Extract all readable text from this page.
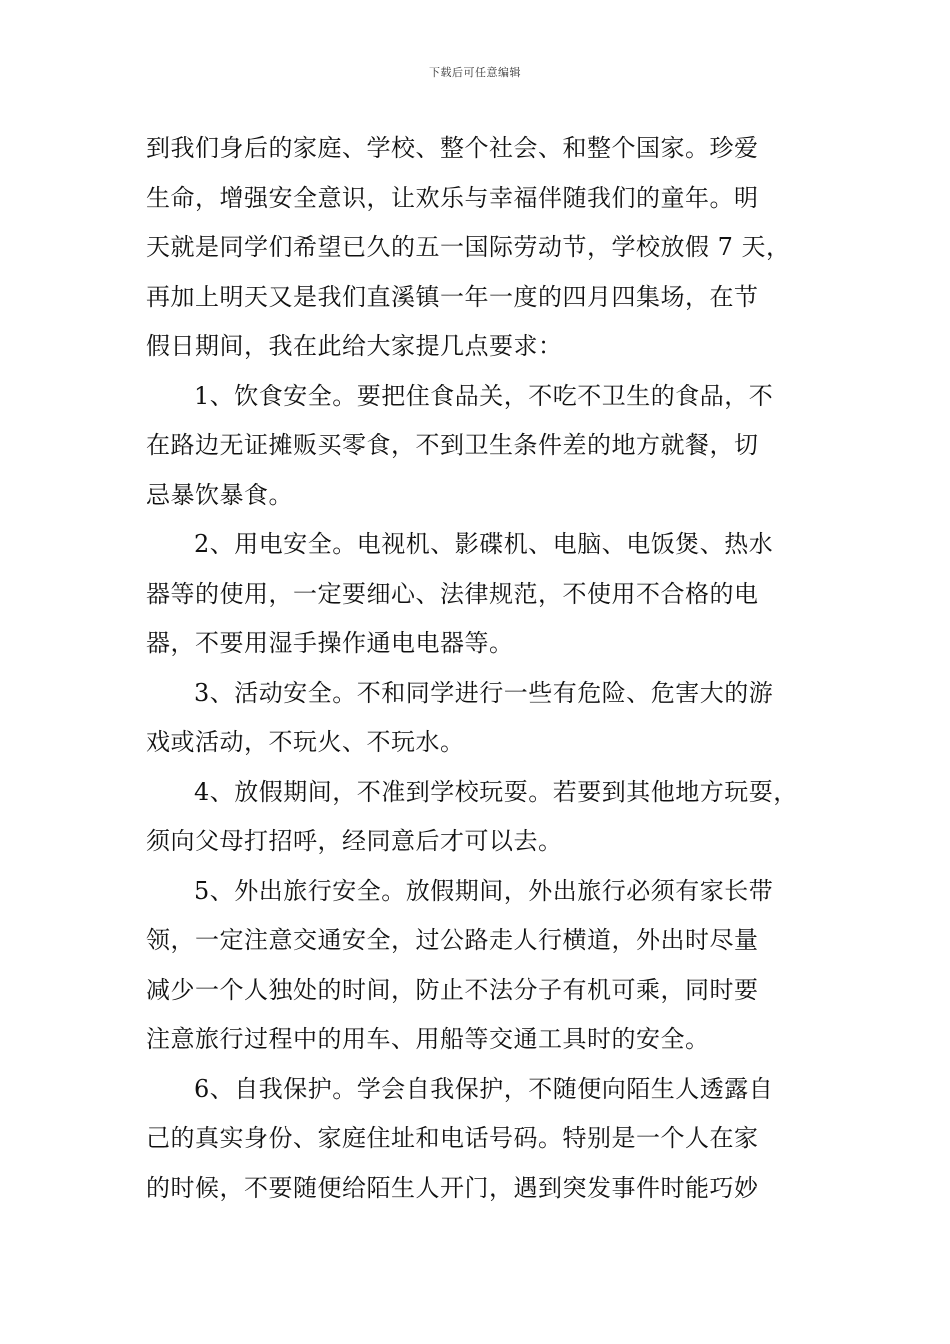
下载后可任意编辑
到我们身后的家庭、学校、整个社会、和整个国家。珍爱
生命，增强安全意识，让欢乐与幸福伴随我们的童年。明
天就是同学们希望已久的五一国际劳动节，学校放假 7 天，
再加上明天又是我们直溪镇一年一度的四月四集场，在节
假日期间，我在此给大家提几点要求：
1、饮食安全。要把住食品关，不吃不卫生的食品，不
在路边无证摊贩买零食，不到卫生条件差的地方就餐，切
忌暴饮暴食。
2、用电安全。电视机、影碟机、电脑、电饭煲、热水
器等的使用，一定要细心、法律规范，不使用不合格的电
器，不要用湿手操作通电电器等。
3、活动安全。不和同学进行一些有危险、危害大的游
戏或活动，不玩火、不玩水。
4、放假期间，不准到学校玩耍。若要到其他地方玩耍，
须向父母打招呼，经同意后才可以去。
5、外出旅行安全。放假期间，外出旅行必须有家长带
领，一定注意交通安全，过公路走人行横道，外出时尽量
减少一个人独处的时间，防止不法分子有机可乘，同时要
注意旅行过程中的用车、用船等交通工具时的安全。
6、自我保护。学会自我保护，不随便向陌生人透露自
己的真实身份、家庭住址和电话号码。特别是一个人在家
的时候，不要随便给陌生人开门，遇到突发事件时能巧妙
